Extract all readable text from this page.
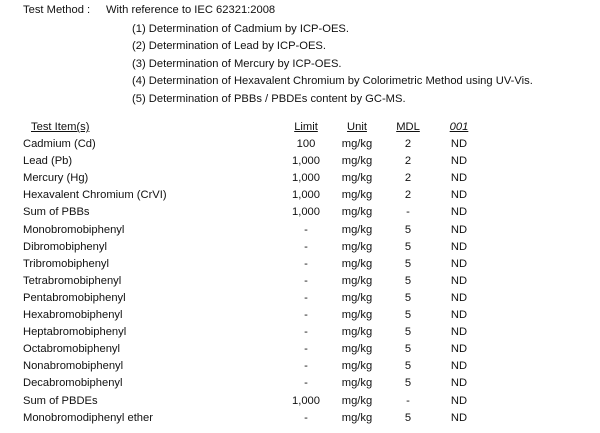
Test Method : With reference to IEC 62321:2008
(1) Determination of Cadmium by ICP-OES.
(2) Determination of Lead by ICP-OES.
(3) Determination of Mercury by ICP-OES.
(4) Determination of Hexavalent Chromium by Colorimetric Method using UV-Vis.
(5) Determination of PBBs / PBDEs content by GC-MS.
Test Item(s)	Limit	Unit	MDL	001
Cadmium (Cd)	100	mg/kg	2	ND
Lead (Pb)	1,000	mg/kg	2	ND
Mercury (Hg)	1,000	mg/kg	2	ND
Hexavalent Chromium (CrVI)	1,000	mg/kg	2	ND
Sum of PBBs	1,000	mg/kg	-	ND
Monobromobiphenyl	-	mg/kg	5	ND
Dibromobiphenyl	-	mg/kg	5	ND
Tribromobiphenyl	-	mg/kg	5	ND
Tetrabromobiphenyl	-	mg/kg	5	ND
Pentabromobiphenyl	-	mg/kg	5	ND
Hexabromobiphenyl	-	mg/kg	5	ND
Heptabromobiphenyl	-	mg/kg	5	ND
Octabromobiphenyl	-	mg/kg	5	ND
Nonabromobiphenyl	-	mg/kg	5	ND
Decabromobiphenyl	-	mg/kg	5	ND
Sum of PBDEs	1,000	mg/kg	-	ND
Monobromodiphenyl ether	-	mg/kg	5	ND
